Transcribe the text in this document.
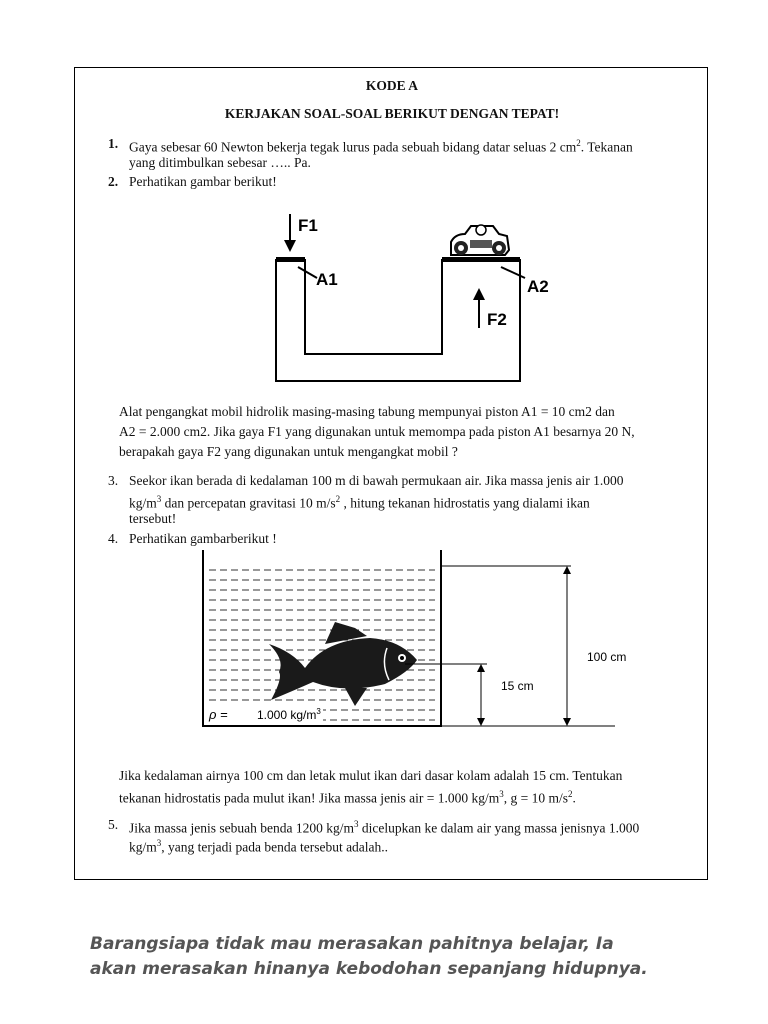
KODE A
KERJAKAN SOAL-SOAL BERIKUT DENGAN TEPAT!
1. Gaya sebesar 60 Newton bekerja tegak lurus pada sebuah bidang datar seluas 2 $cm^2$. Tekanan
yang ditimbulkan sebesar ….. Pa.
2. Perhatikan gambar berikut!
F1
A1	A2
F2
Alat pengangkat mobil hidrolik masing-masing tabung mempunyai piston A1 = 10 cm2 dan
A2 = 2.000 cm2. Jika gaya F1 yang digunakan untuk memompa pada piston A1 besarnya 20 N,
berapakah gaya F2 yang digunakan untuk mengangkat mobil ?
3. Seekor ikan berada di kedalaman 100 m di bawah permukaan air. Jika massa jenis air 1.000
$kg/m^3$ dan percepatan gravitasi 10 $m/s^2$ , hitung tekanan hidrostatis yang dialami ikan
tersebut!
4. Perhatikan gambarberikut !
ρ = 1.000 $kg/m^3$
100 cm
15 cm
Jika kedalaman airnya 100 cm dan letak mulut ikan dari dasar kolam adalah 15 cm. Tentukan
tekanan hidrostatis pada mulut ikan! Jika massa jenis air = 1.000 $kg/m^3$, g = 10 $m/s^2$.
5. Jika massa jenis sebuah benda 1200 $kg/m^3$ dicelupkan ke dalam air yang massa jenisnya 1.000
$kg/m^3$, yang terjadi pada benda tersebut adalah..
Barangsiapa tidak mau merasakan pahitnya belajar, Ia
akan merasakan hinanya kebodohan sepanjang hidupnya.
